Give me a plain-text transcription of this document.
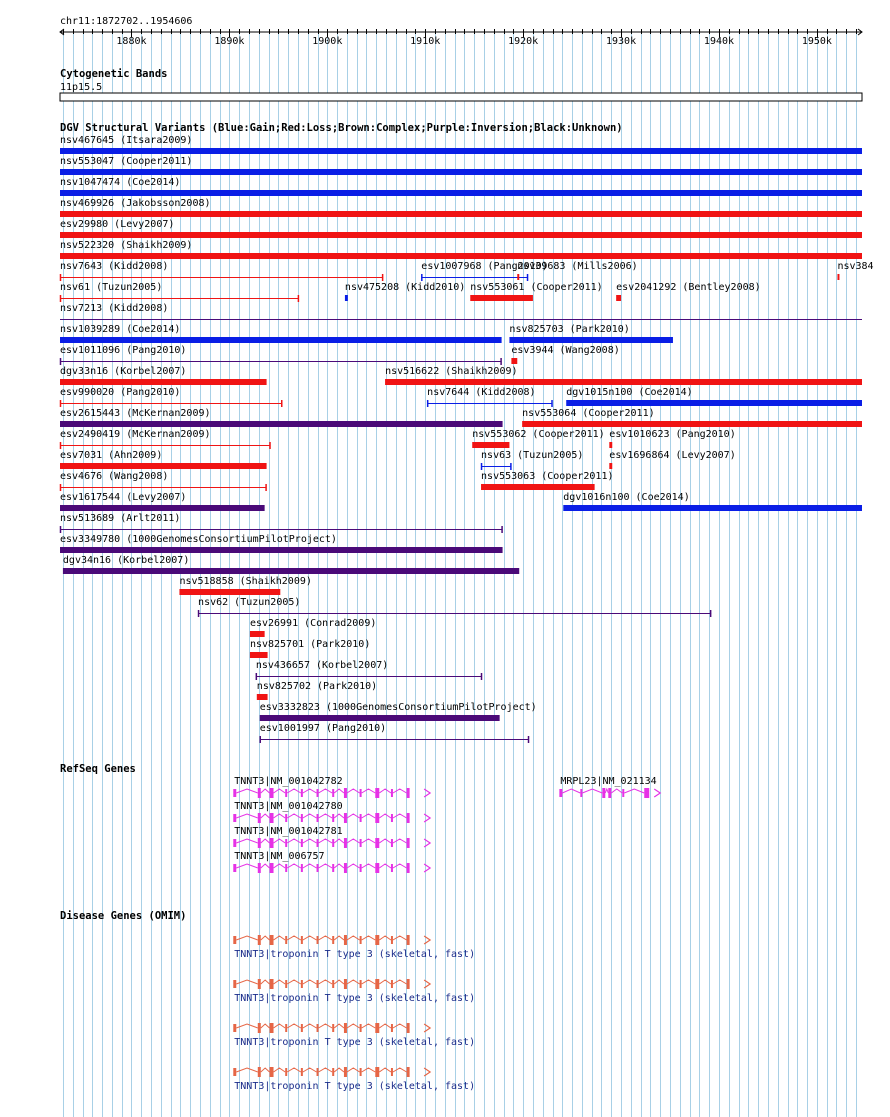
chr11:1872702..1954606
1880k	1890k	1900k	1910k	1920k	1930k	1940k	1950k
Cytogenetic Bands
11p15.5
DGV Structural Variants (Blue:Gain;Red:Loss;Brown:Complex;Purple:Inversion;Black:Unknown)
nsv467645 (Itsara2009)
nsv553047 (Cooper2011)
nsv1047474 (Coe2014)
nsv469926 (Jakobsson2008)
esv29980 (Levy2007)
nsv522320 (Shaikh2009)
nsv7643 (Kidd2008)	esv1007968 (Pang2010)
nsv39683 (Mills2006)	nsv384
nsv61 (Tuzun2005)	nsv475208 (Kidd2010) nsv553061 (Cooper2011) esv2041292 (Bentley2008)
nsv7213 (Kidd2008)
nsv1039289 (Coe2014)	nsv825703 (Park2010)
esv1011096 (Pang2010)	esv3944 (Wang2008)
dgv33n16 (Korbel2007)	nsv516622 (Shaikh2009)
esv990020 (Pang2010)	nsv7644 (Kidd2008)	dgv1015n100 (Coe2014)
esv2615443 (McKernan2009)	nsv553064 (Cooper2011)
esv2490419 (McKernan2009)	nsv553062 (Cooper2011) esv1010623 (Pang2010)
esv7031 (Ahn2009)	nsv63 (Tuzun2005)	esv1696864 (Levy2007)
esv4676 (Wang2008)	nsv553063 (Cooper2011)
esv1617544 (Levy2007)	dgv1016n100 (Coe2014)
nsv513689 (Arlt2011)
esv3349780 (1000GenomesConsortiumPilotProject)
dgv34n16 (Korbel2007)
nsv518858 (Shaikh2009)
nsv62 (Tuzun2005)
esv26991 (Conrad2009)
nsv825701 (Park2010)
nsv436657 (Korbel2007)
nsv825702 (Park2010)
esv3332823 (1000GenomesConsortiumPilotProject)
esv1001997 (Pang2010)
RefSeq Genes
TNNT3|NM_001042782	MRPL23|NM_021134
TNNT3|NM_001042780
TNNT3|NM_001042781
TNNT3|NM_006757
Disease Genes (OMIM)
TNNT3|troponin T type 3 (skeletal, fast)
TNNT3|troponin T type 3 (skeletal, fast)
TNNT3|troponin T type 3 (skeletal, fast)
TNNT3|troponin T type 3 (skeletal, fast)
